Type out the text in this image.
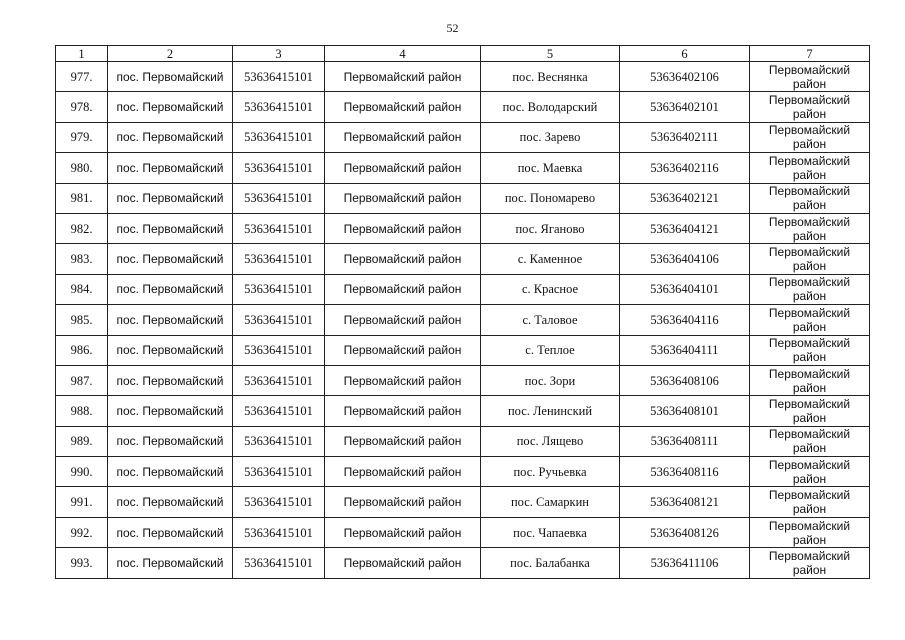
52
1	2	3	4	5	6	7
977.	пос. Первомайский	53636415101	Первомайский район	пос. Веснянка	53636402106	Первомайский район
978.	пос. Первомайский	53636415101	Первомайский район	пос. Володарский	53636402101	Первомайский район
979.	пос. Первомайский	53636415101	Первомайский район	пос. Зарево	53636402111	Первомайский район
980.	пос. Первомайский	53636415101	Первомайский район	пос. Маевка	53636402116	Первомайский район
981.	пос. Первомайский	53636415101	Первомайский район	пос. Пономарево	53636402121	Первомайский район
982.	пос. Первомайский	53636415101	Первомайский район	пос. Яганово	53636404121	Первомайский район
983.	пос. Первомайский	53636415101	Первомайский район	с. Каменное	53636404106	Первомайский район
984.	пос. Первомайский	53636415101	Первомайский район	с. Красное	53636404101	Первомайский район
985.	пос. Первомайский	53636415101	Первомайский район	с. Таловое	53636404116	Первомайский район
986.	пос. Первомайский	53636415101	Первомайский район	с. Теплое	53636404111	Первомайский район
987.	пос. Первомайский	53636415101	Первомайский район	пос. Зори	53636408106	Первомайский район
988.	пос. Первомайский	53636415101	Первомайский район	пос. Ленинский	53636408101	Первомайский район
989.	пос. Первомайский	53636415101	Первомайский район	пос. Лящево	53636408111	Первомайский район
990.	пос. Первомайский	53636415101	Первомайский район	пос. Ручьевка	53636408116	Первомайский район
991.	пос. Первомайский	53636415101	Первомайский район	пос. Самаркин	53636408121	Первомайский район
992.	пос. Первомайский	53636415101	Первомайский район	пос. Чапаевка	53636408126	Первомайский район
993.	пос. Первомайский	53636415101	Первомайский район	пос. Балабанка	53636411106	Первомайский район
